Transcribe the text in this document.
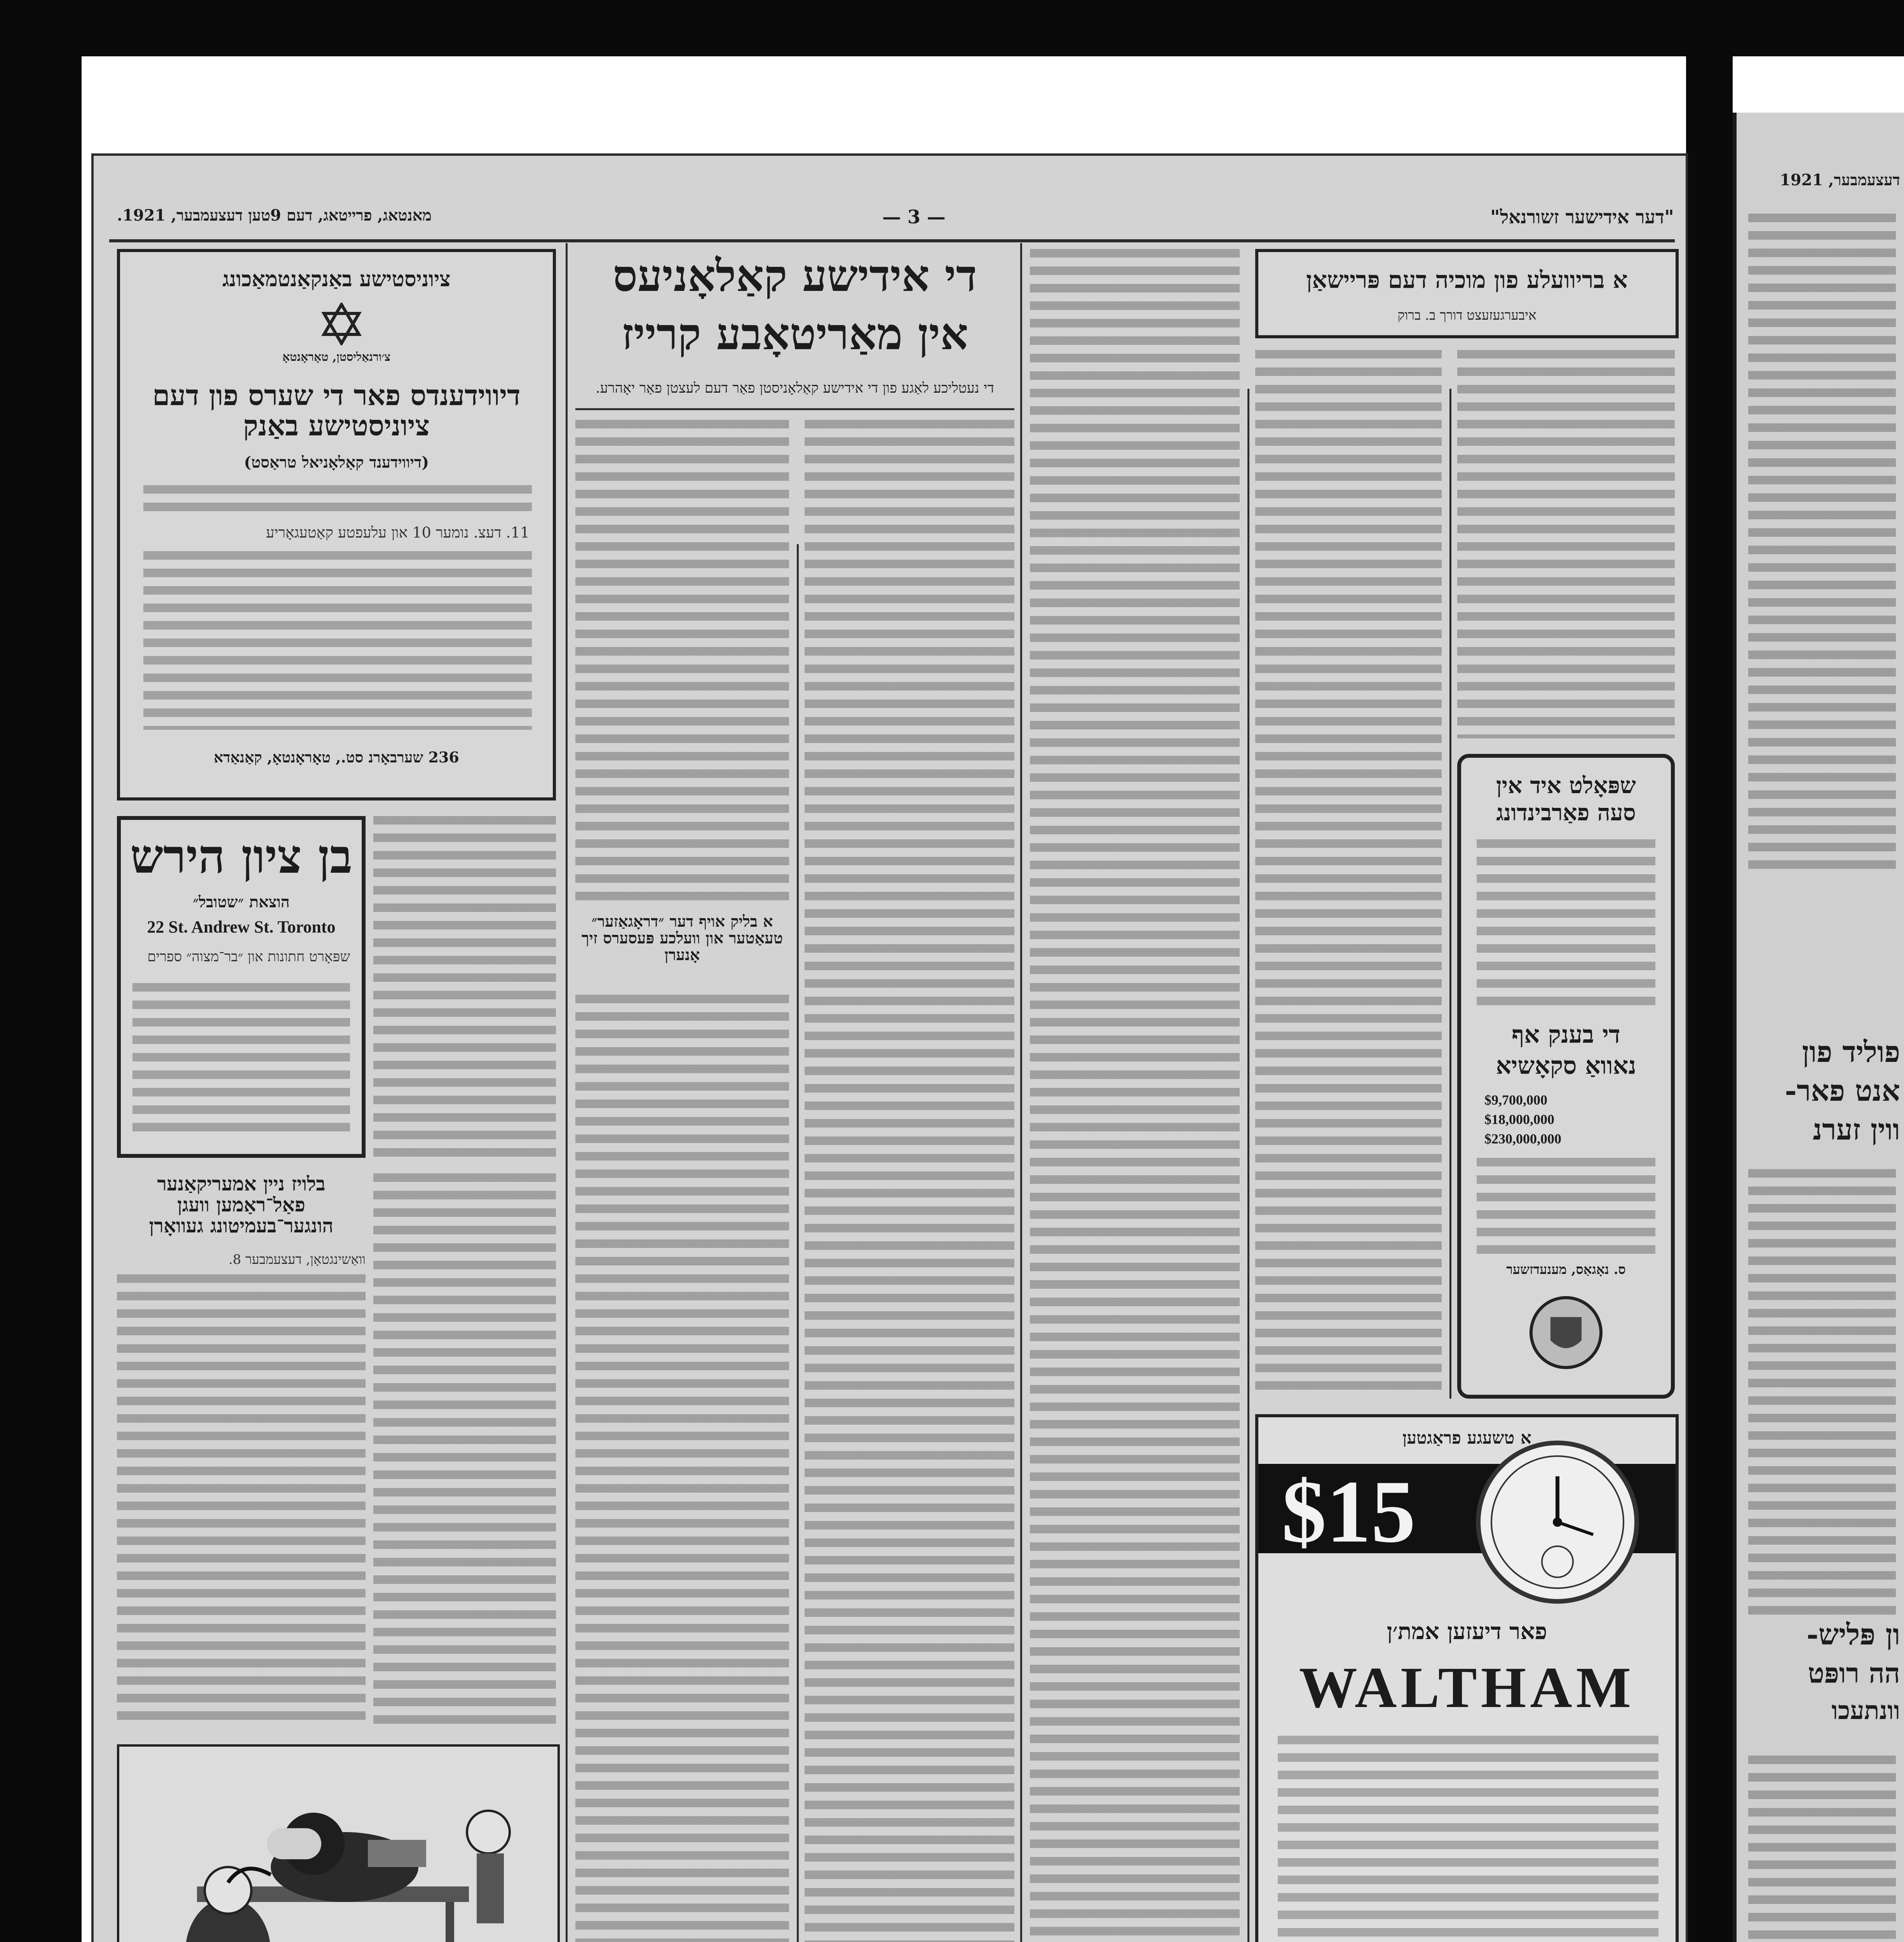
דעצעמבער, 1921
פוליד פון
אנט פאר-
ווין זערנ
ון פּליש-
הה רופּט
וונתעכו
"דער אידישער זשורנאל"
— 3 —
מאנטאג, פרייטאג, דעם 9טען דעצעמבער, 1921.
ציוניסטישע באַנקאַנטמאַכונג
צ׳ורנאַליסטן, טאָראָנטאָ
דיווידענדס פאר די שערס פון דעם ציוניסטישע באַנק
(דיווידענד קאַלאָניאל טראַסט)
11. דעצ. נומער 10 און עלעפטע קאַטעגאָריע
236 שערבאָרנ סט., טאָראָנטאָ, קאַנאַדא
בן ציון הירש
הוצאת ״שטובל״
22 St. Andrew St. Toronto
שפּאָרט חתונות און ״בר־מצוה״ ספרים
בלויז ניין אמעריקאַנער פאַל־ראַמען וועגן הונגער־בעמיטונג געוואָרן
וואַשינגטאָן, דעצעמבער 8.
די אידישע קאַלאָניעס
אין מאַריטאָבע קרייז
די נעטליכע לאַגע פון די אידישע קאַלאָניסטן פאַר דעם לעצטן פאַר יאָהרע.
א בליק אויף דער ״דראָגאַזער״ טעאַטער און וועלכע פּעסערס זיך אָנערן
א בריוועלע פון מוכיה דעם פּריישאַן
איבערגעזעצט דורך ב. ברוק
שפּאָלט איד אין
סעה פאַרבינדונג
די בענק אף
נאוואַ סקאָשיא
$9,700,000
$18,000,000
$230,000,000
ס. נאָגאַס, מענעדזשער
א טשעגע פראַגטען
$15
פאר דיעזען אמת׳ן
WALTHAM
